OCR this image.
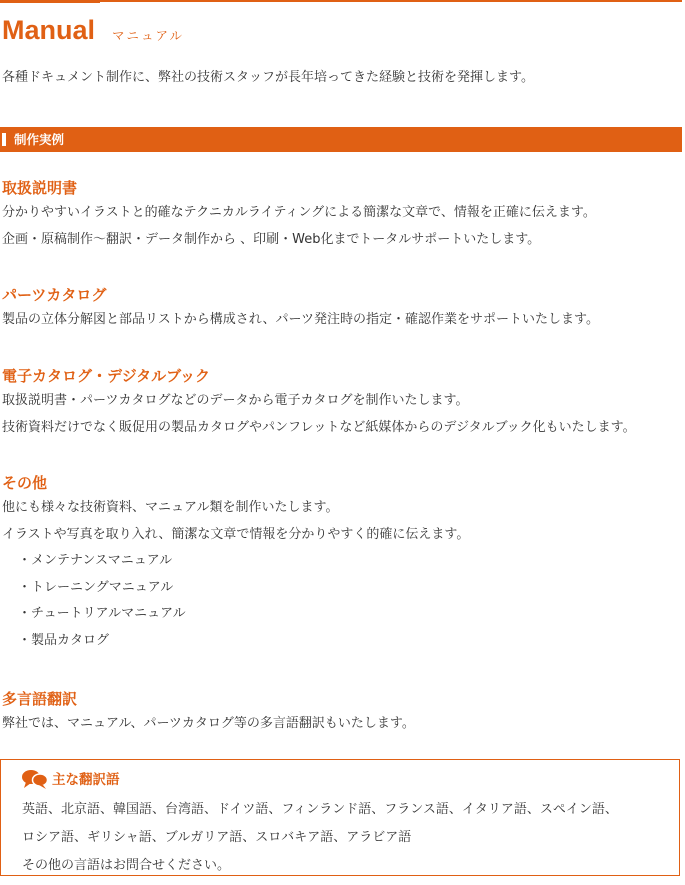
Manual マニュアル
各種ドキュメント制作に、弊社の技術スタッフが長年培ってきた経験と技術を発揮します。
制作実例
取扱説明書
分かりやすいイラストと的確なテクニカルライティングによる簡潔な文章で、情報を正確に伝えます。
企画・原稿制作〜翻訳・データ制作から 、印刷・Web化までトータルサポートいたします。
パーツカタログ
製品の立体分解図と部品リストから構成され、パーツ発注時の指定・確認作業をサポートいたします。
電子カタログ・デジタルブック
取扱説明書・パーツカタログなどのデータから電子カタログを制作いたします。
技術資料だけでなく販促用の製品カタログやパンフレットなど紙媒体からのデジタルブック化もいたします。
その他
他にも様々な技術資料、マニュアル類を制作いたします。
イラストや写真を取り入れ、簡潔な文章で情報を分かりやすく的確に伝えます。
・メンテナンスマニュアル
・トレーニングマニュアル
・チュートリアルマニュアル
・製品カタログ
多言語翻訳
弊社では、マニュアル、パーツカタログ等の多言語翻訳もいたします。
主な翻訳語
英語、北京語、韓国語、台湾語、ドイツ語、フィンランド語、フランス語、イタリア語、スペイン語、
ロシア語、ギリシャ語、ブルガリア語、スロバキア語、アラビア語
その他の言語はお問合せください。
